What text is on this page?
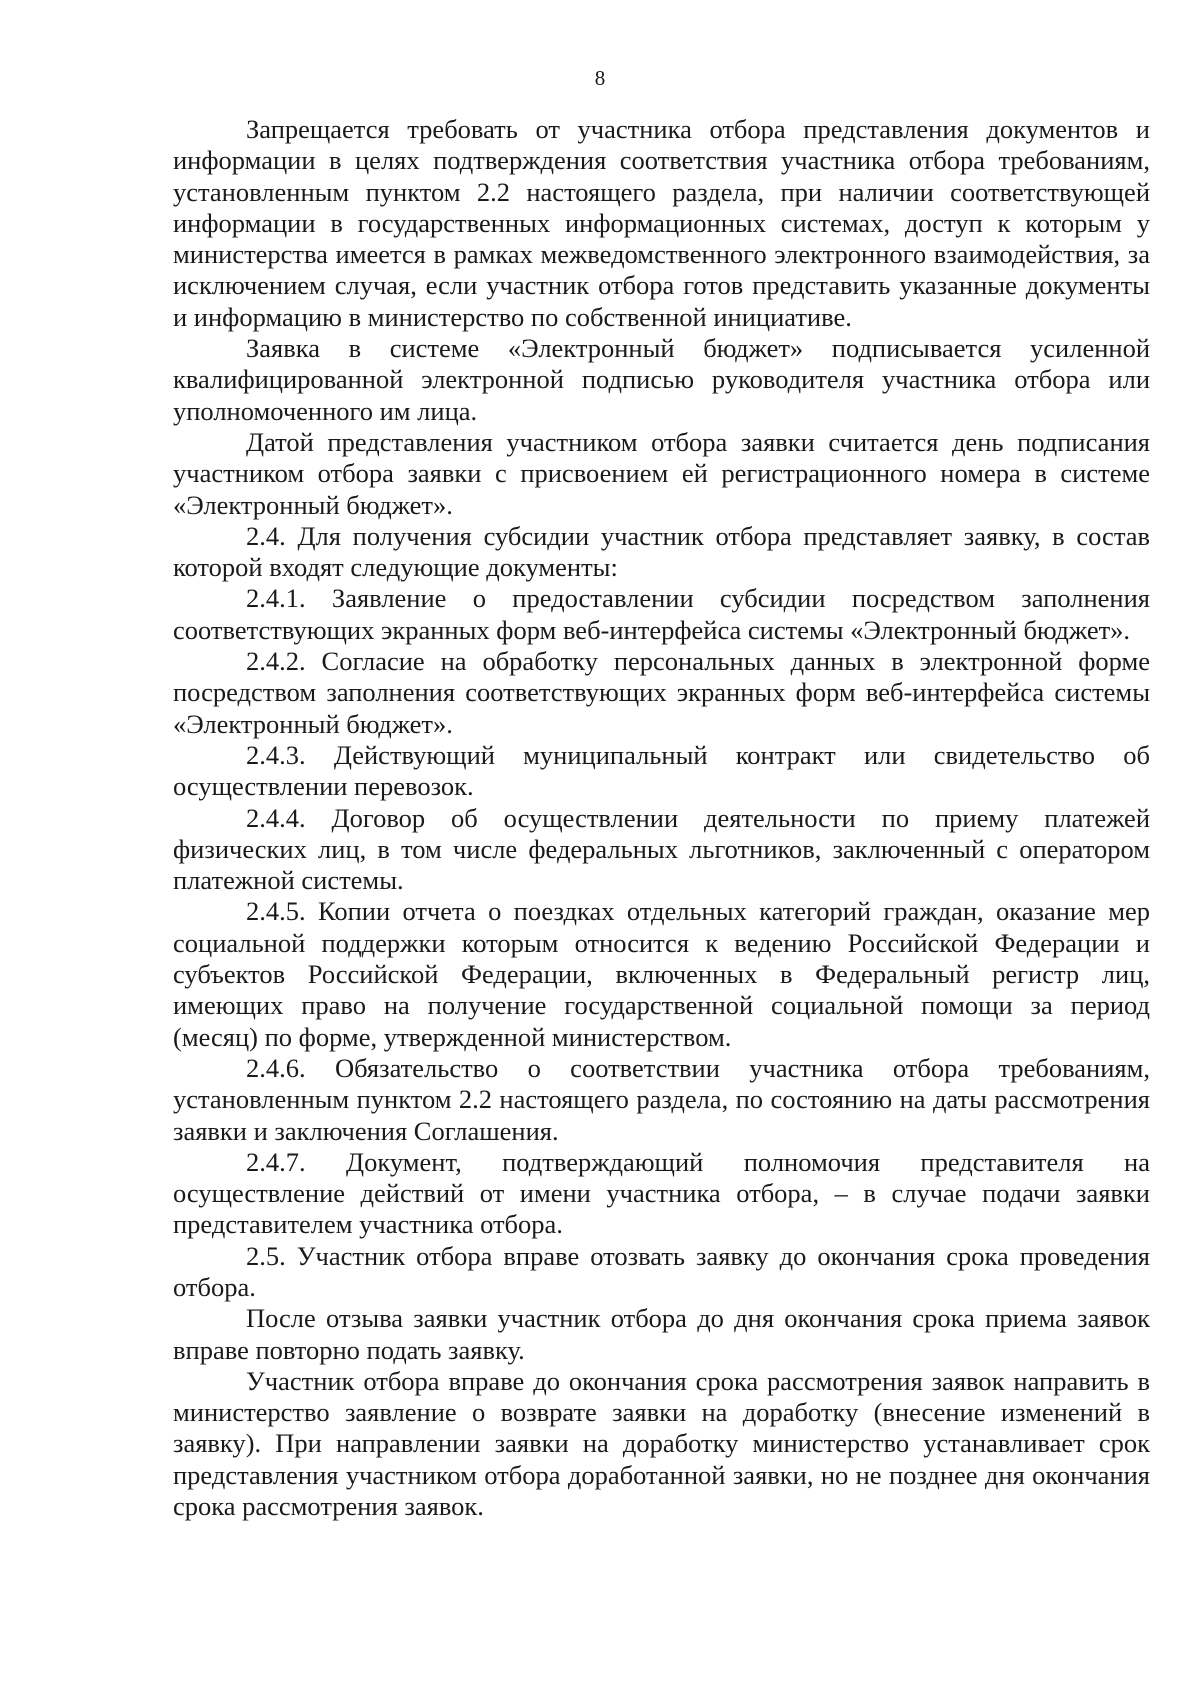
8

Запрещается требовать от участника отбора представления документов и информации в целях подтверждения соответствия участника отбора требованиям, установленным пунктом 2.2 настоящего раздела, при наличии соответствующей информации в государственных информационных системах, доступ к которым у министерства имеется в рамках межведомственного электронного взаимодействия, за исключением случая, если участник отбора готов представить указанные документы и информацию в министерство по собственной инициативе.

Заявка в системе «Электронный бюджет» подписывается усиленной квалифицированной электронной подписью руководителя участника отбора или уполномоченного им лица.

Датой представления участником отбора заявки считается день подписания участником отбора заявки с присвоением ей регистрационного номера в системе «Электронный бюджет».

2.4. Для получения субсидии участник отбора представляет заявку, в состав которой входят следующие документы:

2.4.1. Заявление о предоставлении субсидии посредством заполнения соответствующих экранных форм веб-интерфейса системы «Электронный бюджет».

2.4.2. Согласие на обработку персональных данных в электронной форме посредством заполнения соответствующих экранных форм веб-интерфейса системы «Электронный бюджет».

2.4.3. Действующий муниципальный контракт или свидетельство об осуществлении перевозок.

2.4.4. Договор об осуществлении деятельности по приему платежей физических лиц, в том числе федеральных льготников, заключенный с оператором платежной системы.

2.4.5. Копии отчета о поездках отдельных категорий граждан, оказание мер социальной поддержки которым относится к ведению Российской Федерации и субъектов Российской Федерации, включенных в Федеральный регистр лиц, имеющих право на получение государственной социальной помощи за период (месяц) по форме, утвержденной министерством.

2.4.6. Обязательство о соответствии участника отбора требованиям, установленным пунктом 2.2 настоящего раздела, по состоянию на даты рассмотрения заявки и заключения Соглашения.

2.4.7. Документ, подтверждающий полномочия представителя на осуществление действий от имени участника отбора, – в случае подачи заявки представителем участника отбора.

2.5. Участник отбора вправе отозвать заявку до окончания срока проведения отбора.

После отзыва заявки участник отбора до дня окончания срока приема заявок вправе повторно подать заявку.

Участник отбора вправе до окончания срока рассмотрения заявок направить в министерство заявление о возврате заявки на доработку (внесение изменений в заявку). При направлении заявки на доработку министерство устанавливает срок представления участником отбора доработанной заявки, но не позднее дня окончания срока рассмотрения заявок.
